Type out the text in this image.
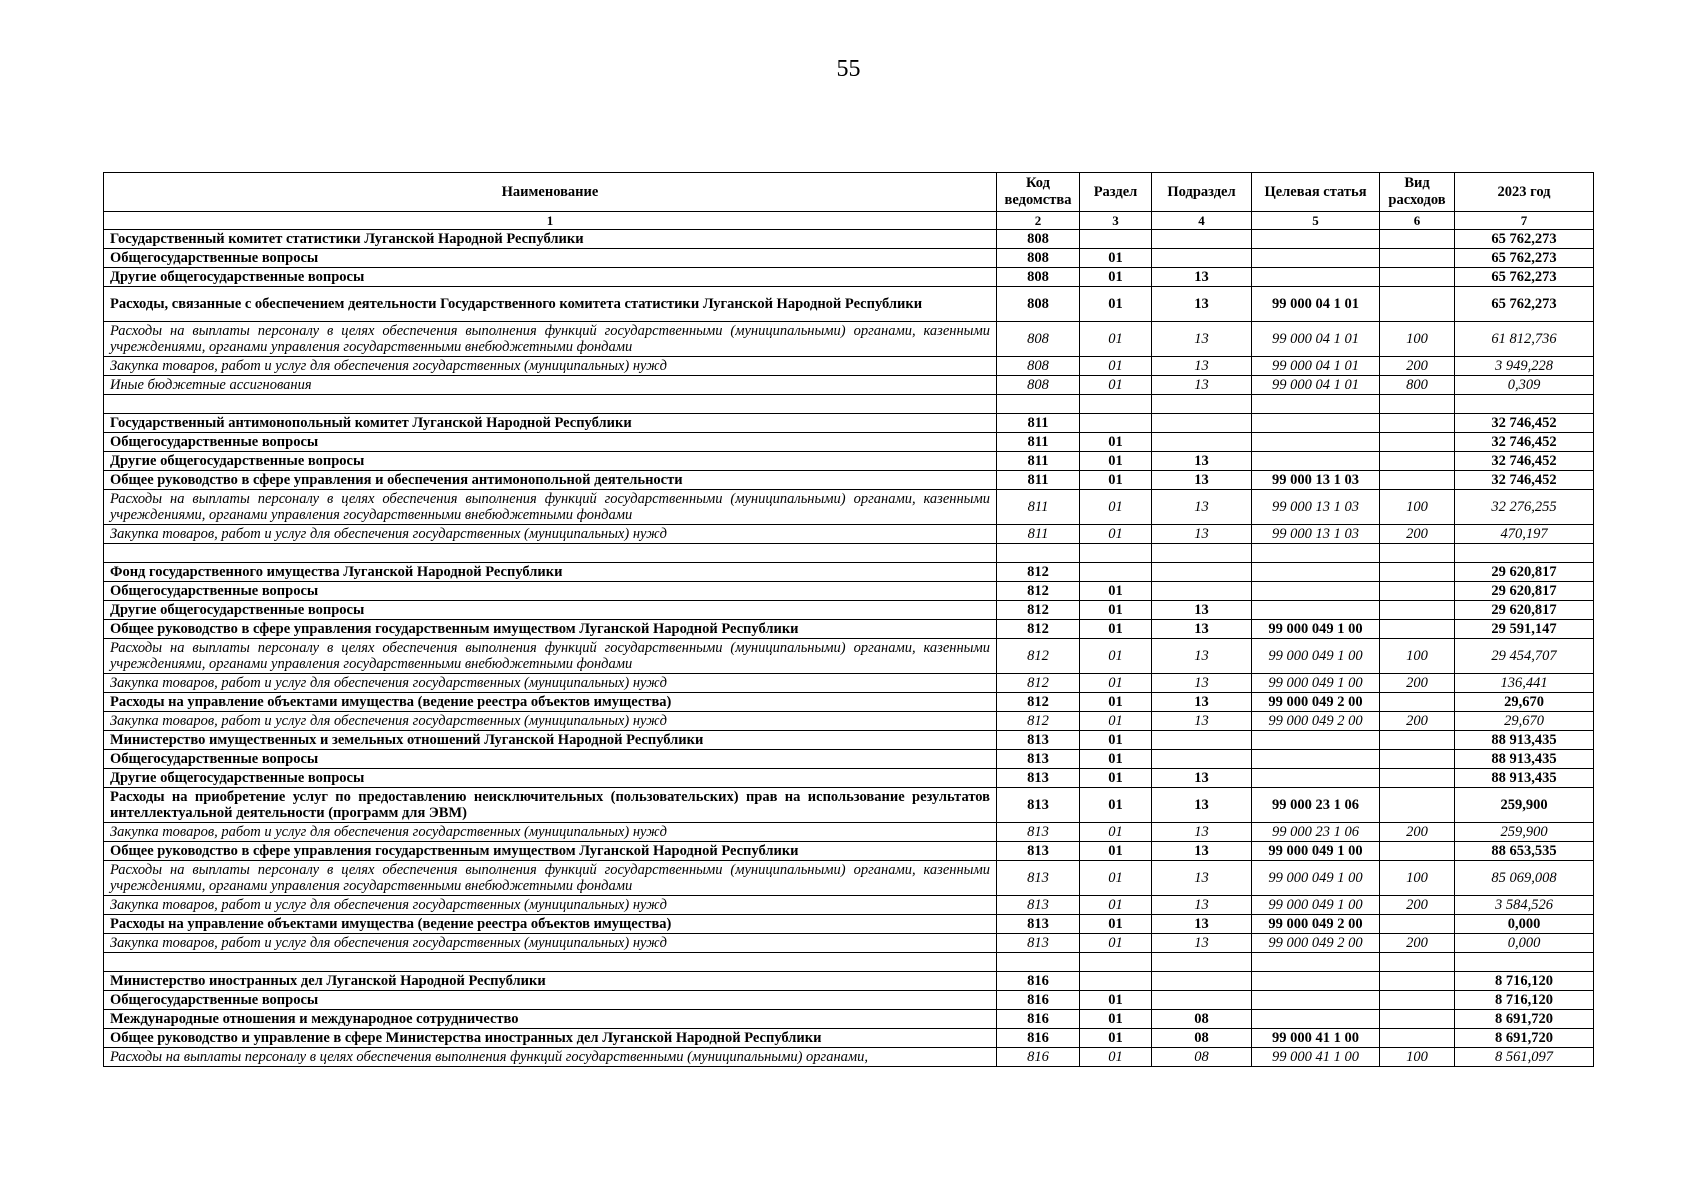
55
Наименование	Код ведомства	Раздел	Подраздел	Целевая статья	Вид расходов	2023 год
1	2	3	4	5	6	7
Государственный комитет статистики Луганской Народной Республики	808					65 762,273
Общегосударственные вопросы	808	01				65 762,273
Другие общегосударственные вопросы	808	01	13			65 762,273
Расходы, связанные с обеспечением деятельности Государственного комитета статистики Луганской Народной Республики	808	01	13	99 000 04 1 01		65 762,273
Расходы на выплаты персоналу в целях обеспечения выполнения функций государственными (муниципальными) органами, казенными учреждениями, органами управления государственными внебюджетными фондами	808	01	13	99 000 04 1 01	100	61 812,736
Закупка товаров, работ и услуг для обеспечения государственных (муниципальных) нужд	808	01	13	99 000 04 1 01	200	3 949,228
Иные бюджетные ассигнования	808	01	13	99 000 04 1 01	800	0,309

Государственный антимонопольный комитет Луганской Народной Республики	811					32 746,452
Общегосударственные вопросы	811	01				32 746,452
Другие общегосударственные вопросы	811	01	13			32 746,452
Общее руководство в сфере управления и обеспечения антимонопольной деятельности	811	01	13	99 000 13 1 03		32 746,452
Расходы на выплаты персоналу в целях обеспечения выполнения функций государственными (муниципальными) органами, казенными учреждениями, органами управления государственными внебюджетными фондами	811	01	13	99 000 13 1 03	100	32 276,255
Закупка товаров, работ и услуг для обеспечения государственных (муниципальных) нужд	811	01	13	99 000 13 1 03	200	470,197

Фонд государственного имущества Луганской Народной Республики	812					29 620,817
Общегосударственные вопросы	812	01				29 620,817
Другие общегосударственные вопросы	812	01	13			29 620,817
Общее руководство в сфере управления государственным имуществом Луганской Народной Республики	812	01	13	99 000 049 1 00		29 591,147
Расходы на выплаты персоналу в целях обеспечения выполнения функций государственными (муниципальными) органами, казенными учреждениями, органами управления государственными внебюджетными фондами	812	01	13	99 000 049 1 00	100	29 454,707
Закупка товаров, работ и услуг для обеспечения государственных (муниципальных) нужд	812	01	13	99 000 049 1 00	200	136,441
Расходы на управление объектами имущества (ведение реестра объектов имущества)	812	01	13	99 000 049 2 00		29,670
Закупка товаров, работ и услуг для обеспечения государственных (муниципальных) нужд	812	01	13	99 000 049 2 00	200	29,670
Министерство имущественных и земельных отношений Луганской Народной Республики	813	01				88 913,435
Общегосударственные вопросы	813	01				88 913,435
Другие общегосударственные вопросы	813	01	13			88 913,435
Расходы на приобретение услуг по предоставлению неисключительных (пользовательских) прав на использование результатов интеллектуальной деятельности (программ для ЭВМ)	813	01	13	99 000 23 1 06		259,900
Закупка товаров, работ и услуг для обеспечения государственных (муниципальных) нужд	813	01	13	99 000 23 1 06	200	259,900
Общее руководство в сфере управления государственным имуществом Луганской Народной Республики	813	01	13	99 000 049 1 00		88 653,535
Расходы на выплаты персоналу в целях обеспечения выполнения функций государственными (муниципальными) органами, казенными учреждениями, органами управления государственными внебюджетными фондами	813	01	13	99 000 049 1 00	100	85 069,008
Закупка товаров, работ и услуг для обеспечения государственных (муниципальных) нужд	813	01	13	99 000 049 1 00	200	3 584,526
Расходы на управление объектами имущества (ведение реестра объектов имущества)	813	01	13	99 000 049 2 00		0,000
Закупка товаров, работ и услуг для обеспечения государственных (муниципальных) нужд	813	01	13	99 000 049 2 00	200	0,000

Министерство иностранных дел Луганской Народной Республики	816					8 716,120
Общегосударственные вопросы	816	01				8 716,120
Международные отношения и международное сотрудничество	816	01	08			8 691,720
Общее руководство и управление в сфере Министерства иностранных дел Луганской Народной Республики	816	01	08	99 000 41 1 00		8 691,720
Расходы на выплаты персоналу в целях обеспечения выполнения функций государственными (муниципальными) органами,	816	01	08	99 000 41 1 00	100	8 561,097
